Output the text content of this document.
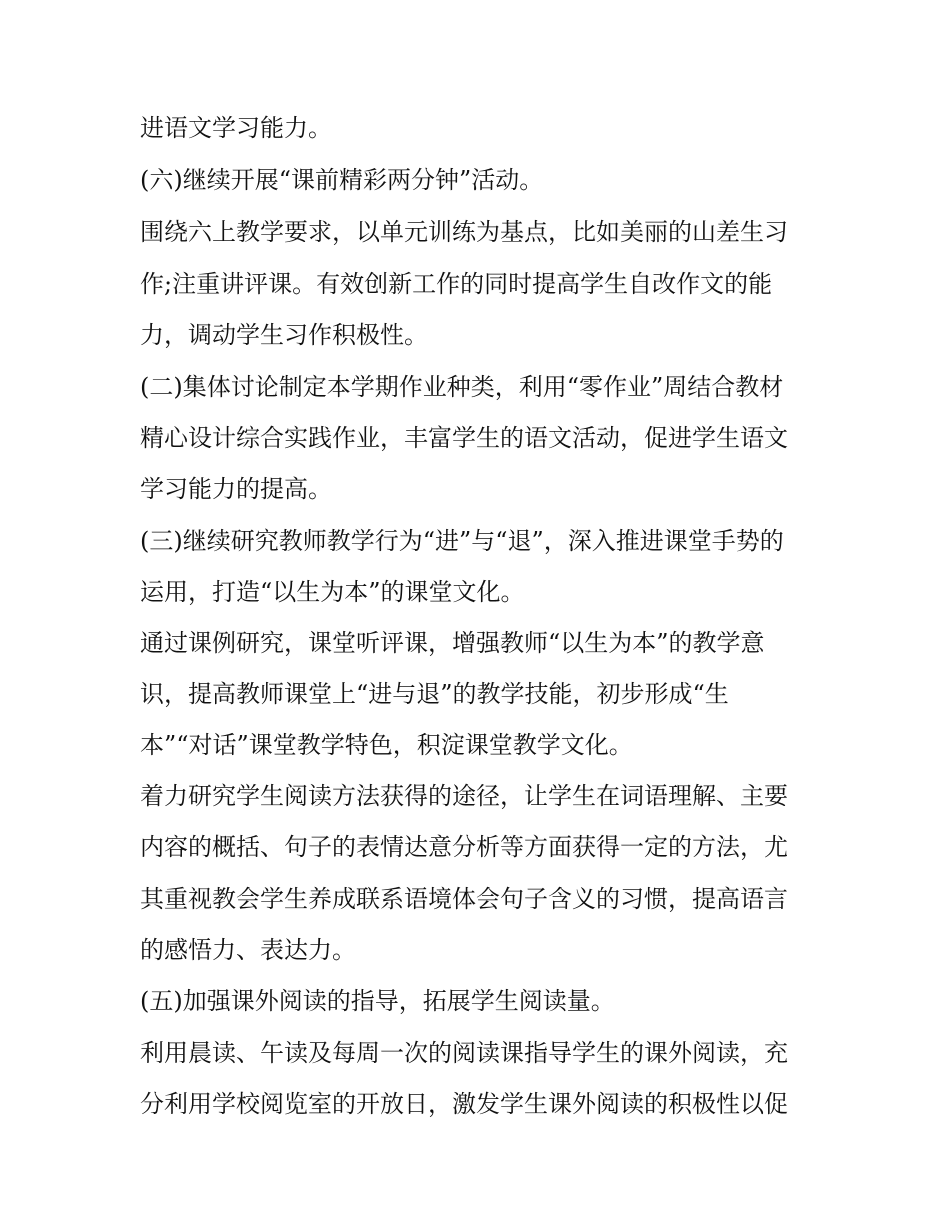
进语文学习能力。
(六)继续开展“课前精彩两分钟”活动。
围绕六上教学要求，以单元训练为基点，比如美丽的山差生习
作;注重讲评课。有效创新工作的同时提高学生自改作文的能
力，调动学生习作积极性。
(二)集体讨论制定本学期作业种类，利用“零作业”周结合教材
精心设计综合实践作业，丰富学生的语文活动，促进学生语文
学习能力的提高。
(三)继续研究教师教学行为“进”与“退”，深入推进课堂手势的
运用，打造“以生为本”的课堂文化。
通过课例研究，课堂听评课，增强教师“以生为本”的教学意
识，提高教师课堂上“进与退”的教学技能，初步形成“生
本”“对话”课堂教学特色，积淀课堂教学文化。
着力研究学生阅读方法获得的途径，让学生在词语理解、主要
内容的概括、句子的表情达意分析等方面获得一定的方法，尤
其重视教会学生养成联系语境体会句子含义的习惯，提高语言
的感悟力、表达力。
(五)加强课外阅读的指导，拓展学生阅读量。
利用晨读、午读及每周一次的阅读课指导学生的课外阅读，充
分利用学校阅览室的开放日，激发学生课外阅读的积极性以促
